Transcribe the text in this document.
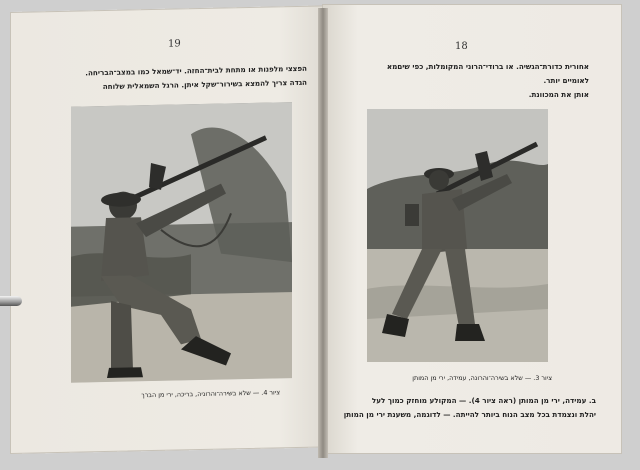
19
הפצצי מלפנות או מתחת לבית־החזה. יד־שמאל כמו במצב־הבריחה.
הגדה צריך להמצא בשירור־שקל איתן. הרגל השמאלית שלוחה
ציור 4. — שלא בשירה־והרוניה, בריכה, ירי מן הברך
18
אחורית כדורת־הגשיה. או ברודי־הרוני המקומלות, כפי שיםמא
לאומיים יותר.
אותן את המכוונת.
ציור 3. — שלא בשירה־והרונה, עמידה, ירי מן המותן
ב. עמידה, ירי מן המותן (ראה ציור 4). — המקולע מוחזק כמוך לעל
יהלת ונצמדת בכל מצב הנוח ביותר להייתה. — לדוגמה, משענת ירי מן המותן
